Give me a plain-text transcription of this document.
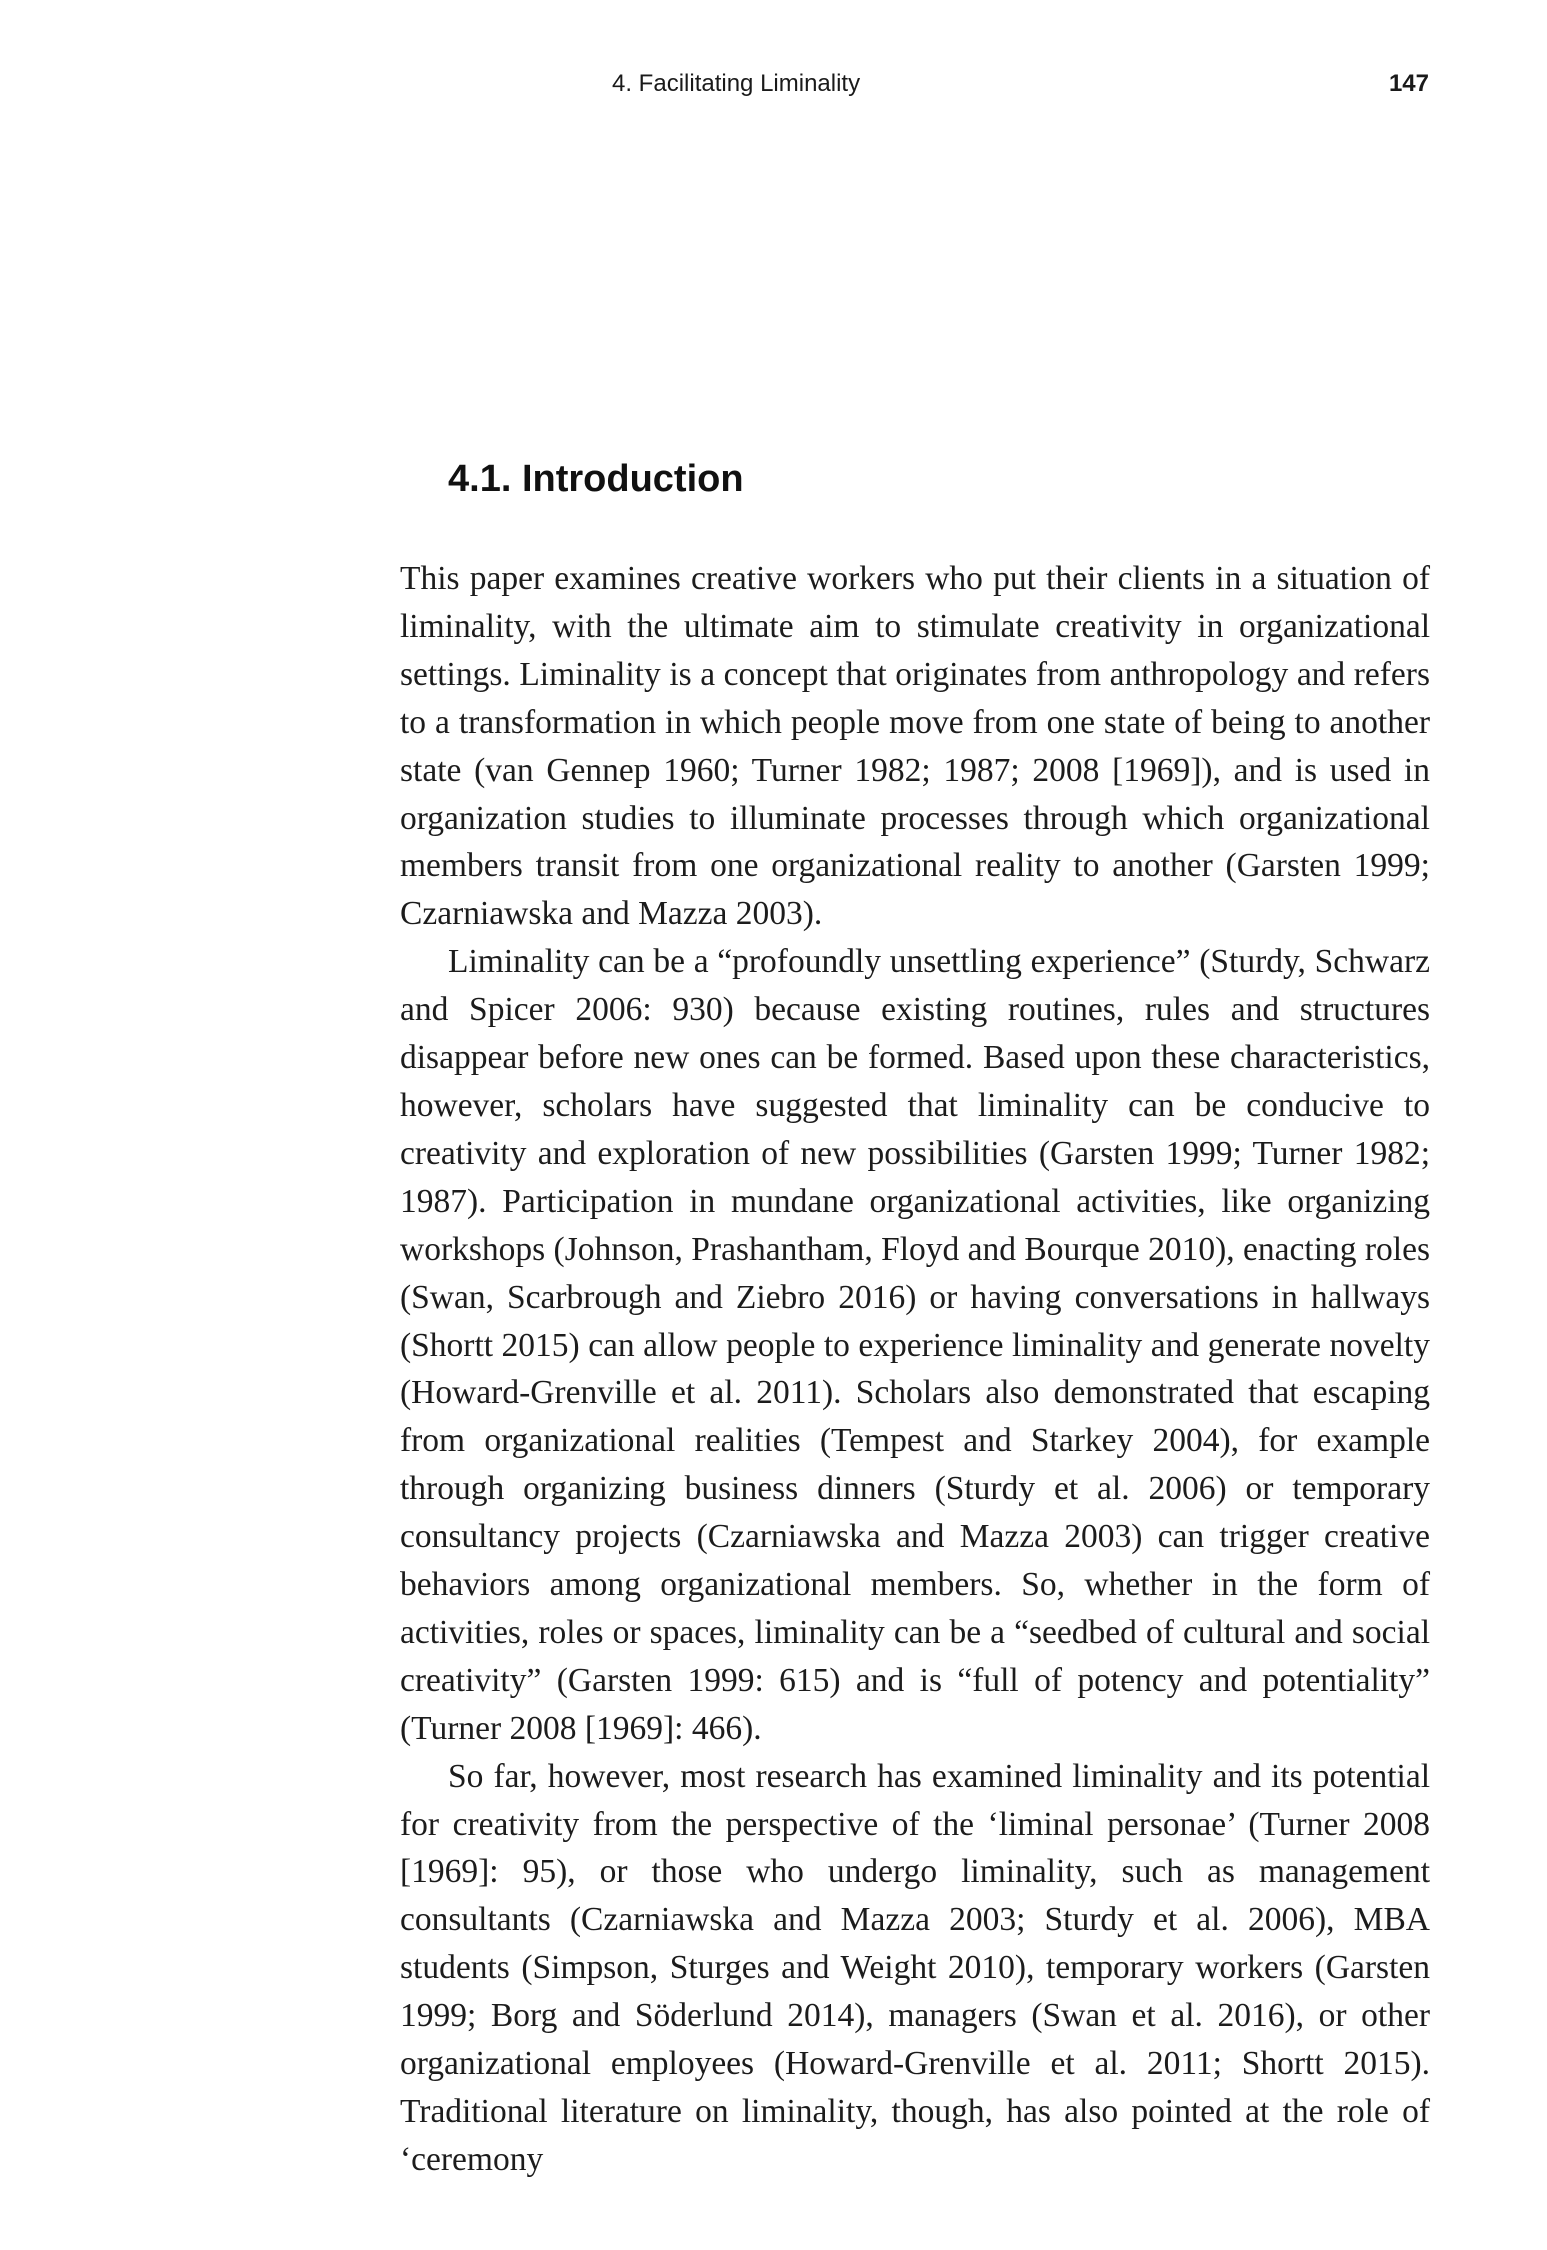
4. Facilitating Liminality	147
4.1. Introduction

This paper examines creative workers who put their clients in a situation of liminality, with the ultimate aim to stimulate creativity in organizational settings. Liminality is a concept that originates from anthropology and refers to a transformation in which people move from one state of being to another state (van Gennep 1960; Turner 1982; 1987; 2008 [1969]), and is used in organization studies to illuminate processes through which organizational members transit from one organizational reality to another (Garsten 1999; Czarniawska and Mazza 2003).

Liminality can be a “profoundly unsettling experience” (Sturdy, Schwarz and Spicer 2006: 930) because existing routines, rules and structures disappear before new ones can be formed. Based upon these characteristics, however, scholars have suggested that liminality can be conducive to creativity and exploration of new possibilities (Garsten 1999; Turner 1982; 1987). Participation in mundane organizational activities, like organizing workshops (Johnson, Prashantham, Floyd and Bourque 2010), enacting roles (Swan, Scarbrough and Ziebro 2016) or having conversations in hallways (Shortt 2015) can allow people to experience liminality and generate novelty (Howard-Grenville et al. 2011). Scholars also demonstrated that escaping from organizational realities (Tempest and Starkey 2004), for example through organizing business dinners (Sturdy et al. 2006) or temporary consultancy projects (Czarniawska and Mazza 2003) can trigger creative behaviors among organizational members. So, whether in the form of activities, roles or spaces, liminality can be a “seedbed of cultural and social creativity” (Garsten 1999: 615) and is “full of potency and potentiality” (Turner 2008 [1969]: 466).

So far, however, most research has examined liminality and its potential for creativity from the perspective of the ‘liminal personae’ (Turner 2008 [1969]: 95), or those who undergo liminality, such as management consultants (Czarniawska and Mazza 2003; Sturdy et al. 2006), MBA students (Simpson, Sturges and Weight 2010), temporary workers (Garsten 1999; Borg and Söderlund 2014), managers (Swan et al. 2016), or other organizational employees (Howard-Grenville et al. 2011; Shortt 2015). Traditional literature on liminality, though, has also pointed at the role of ‘ceremony
